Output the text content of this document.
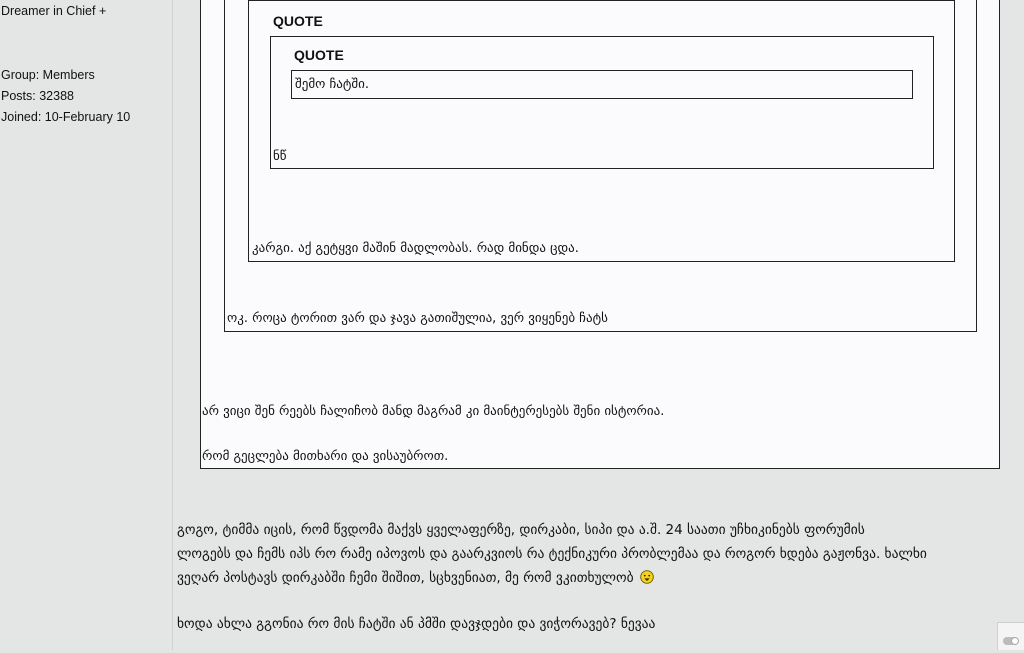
Dreamer in Chief +
Group: Members
Posts: 32388
Joined: 10-February 10
QUOTE
QUOTE
შემო ჩატში.
ნწ
კარგი. აქ გეტყვი მაშინ მადლობას. რად მინდა ცდა.
ოკ. როცა ტორით ვარ და ჯავა გათიშულია, ვერ ვიყენებ ჩატს
არ ვიცი შენ რეებს ჩალიჩობ მანდ მაგრამ კი მაინტერესებს შენი ისტორია.
რომ გეცლება მითხარი და ვისაუბროთ.
გოგო, ტიმმა იცის, რომ წვდომა მაქვს ყველაფერზე, დირკაბი, სიპი და ა.შ. 24 საათი უჩხიკინებს ფორუმის
ლოგებს და ჩემს იპს რო რამე იპოვოს და გაარკვიოს რა ტექნიკური პრობლემაა და როგორ ხდება გაჟონვა. ხალხი
ვეღარ პოსტავს დირკაბში ჩემი შიშით, სცხვენიათ, მე რომ ვკითხულობ
ხოდა ახლა გგონია რო მის ჩატში ან პმში დავჯდები და ვიჭორავებ? ნევაა
